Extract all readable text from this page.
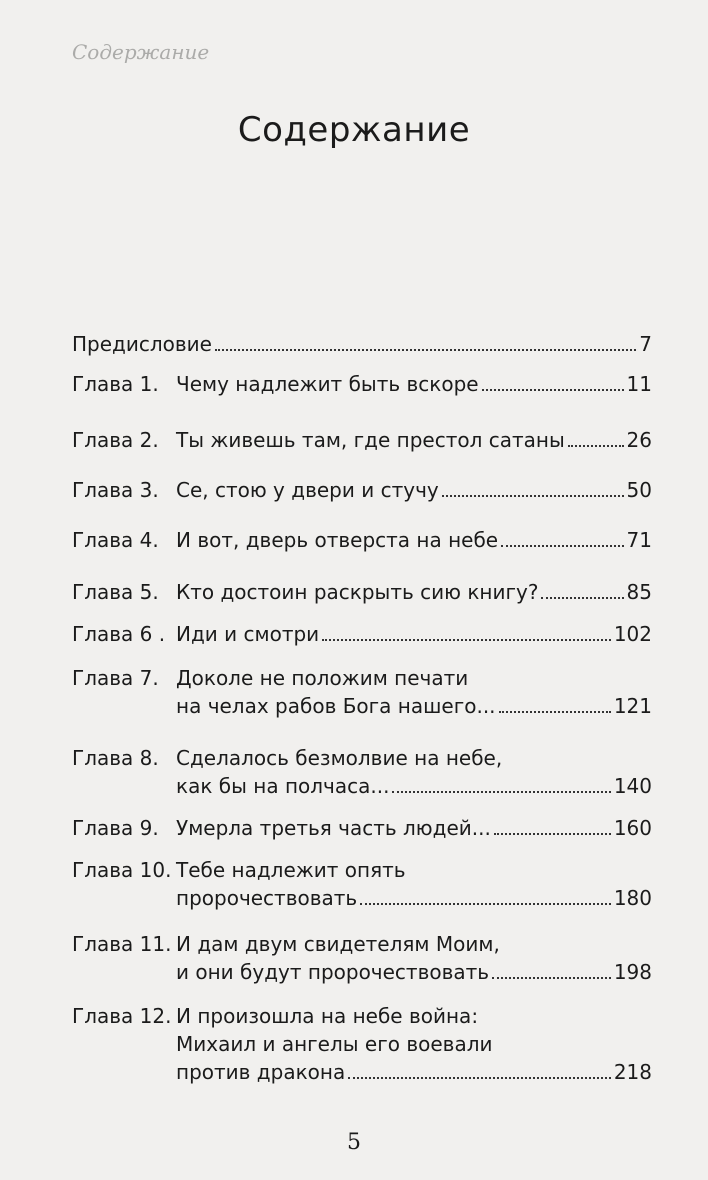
Содержание
Содержание
Предисловие	7
Глава 1. Чему надлежит быть вскоре	11
Глава 2. Ты живешь там, где престол сатаны	26
Глава 3. Се, стою у двери и стучу	50
Глава 4. И вот, дверь отверста на небе	71
Глава 5. Кто достоин раскрыть сию книгу?	85
Глава 6 . Иди и смотри	102
Глава 7. Доколе не положим печати
на челах рабов Бога нашего...	121
Глава 8. Сделалось безмолвие на небе,
как бы на полчаса...	140
Глава 9. Умерла третья часть людей...	160
Глава 10. Тебе надлежит опять
пророчествовать	180
Глава 11. И дам двум свидетелям Моим,
и они будут пророчествовать	198
Глава 12. И произошла на небе война:
Михаил и ангелы его воевали
против дракона	218
5
